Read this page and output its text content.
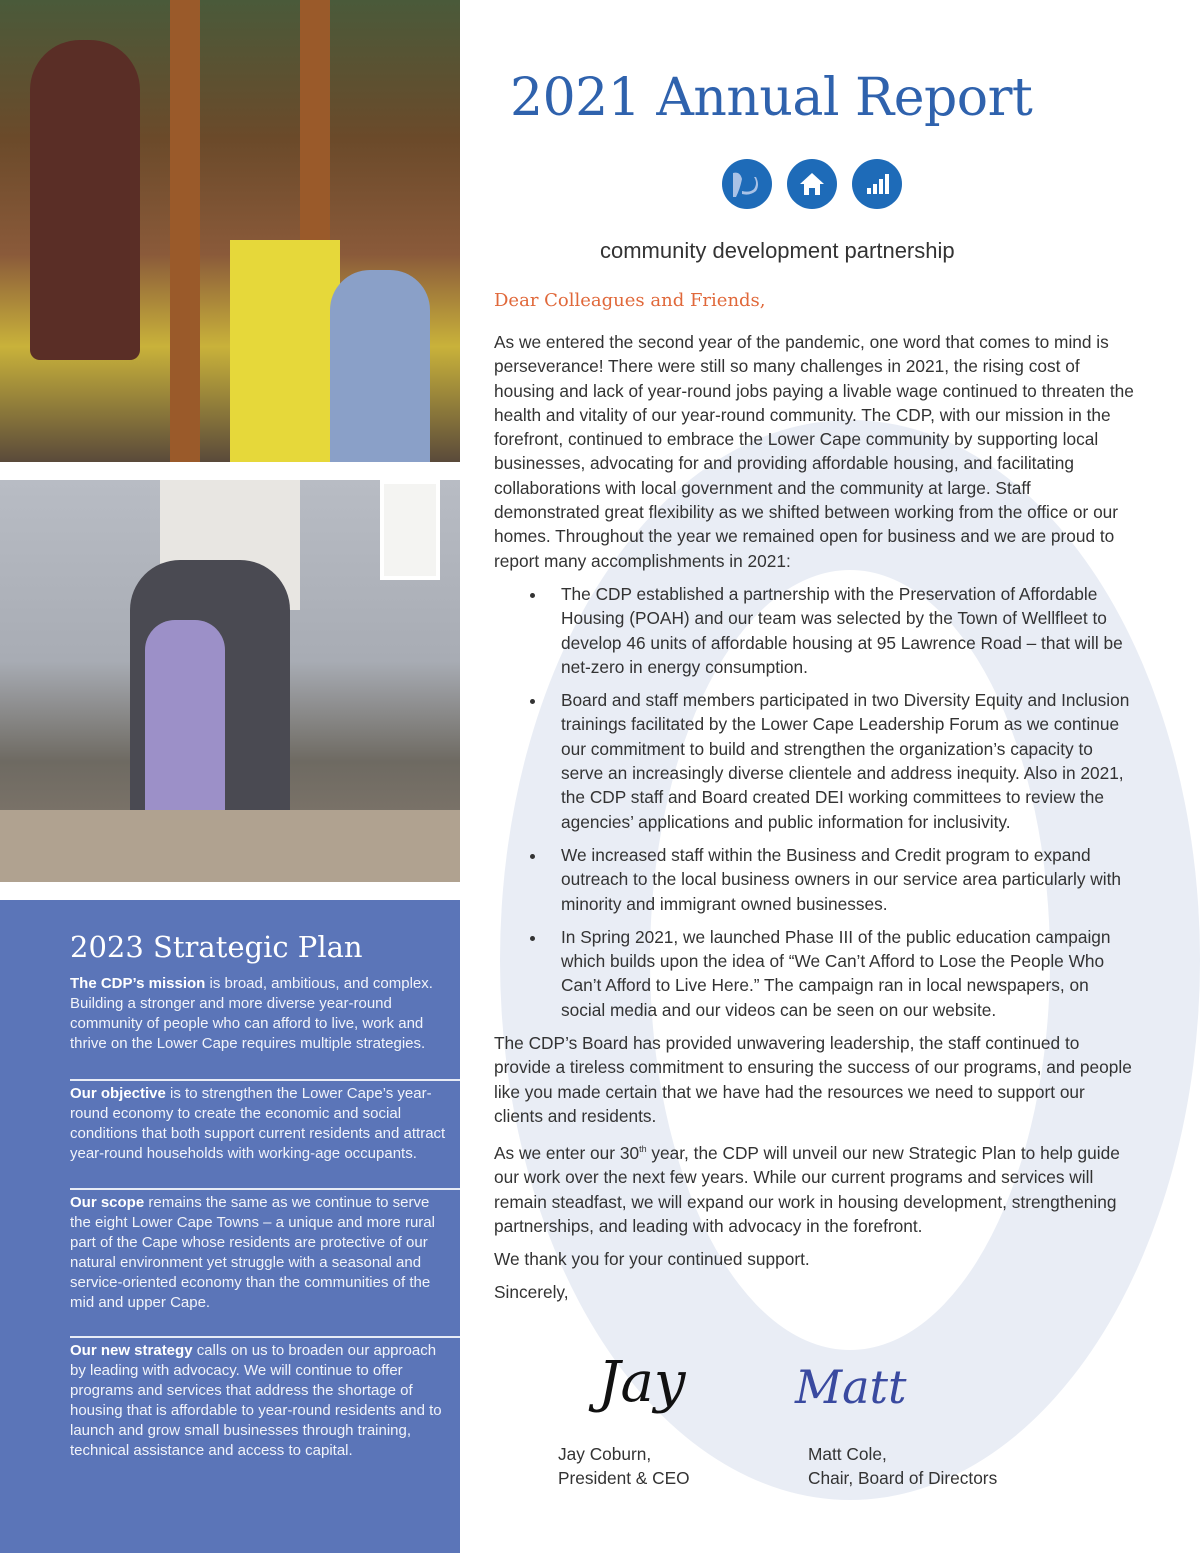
2023 Strategic Plan
The CDP’s mission is broad, ambitious, and complex. Building a stronger and more diverse year-round community of people who can afford to live, work and thrive on the Lower Cape requires multiple strategies.
Our objective is to strengthen the Lower Cape’s year-round economy to create the economic and social conditions that both support current residents and attract year-round households with working-age occupants.
Our scope remains the same as we continue to serve the eight Lower Cape Towns – a unique and more rural part of the Cape whose residents are protective of our natural environment yet struggle with a seasonal and service-oriented economy than the communities of the mid and upper Cape.
Our new strategy calls on us to broaden our approach by leading with advocacy. We will continue to offer programs and services that address the shortage of housing that is affordable to year-round residents and to launch and grow small businesses through training, technical assistance and access to capital.
2021 Annual Report
community development partnership
Dear Colleagues and Friends,

As we entered the second year of the pandemic, one word that comes to mind is perseverance! There were still so many challenges in 2021, the rising cost of housing and lack of year-round jobs paying a livable wage continued to threaten the health and vitality of our year-round community. The CDP, with our mission in the forefront, continued to embrace the Lower Cape community by supporting local businesses, advocating for and providing affordable housing, and facilitating collaborations with local government and the community at large. Staff demonstrated great flexibility as we shifted between working from the office or our homes. Throughout the year we remained open for business and we are proud to report many accomplishments in 2021:

• The CDP established a partnership with the Preservation of Affordable Housing (POAH) and our team was selected by the Town of Wellfleet to develop 46 units of affordable housing at 95 Lawrence Road – that will be net-zero in energy consumption.
• Board and staff members participated in two Diversity Equity and Inclusion trainings facilitated by the Lower Cape Leadership Forum as we continue our commitment to build and strengthen the organization’s capacity to serve an increasingly diverse clientele and address inequity. Also in 2021, the CDP staff and Board created DEI working committees to review the agencies’ applications and public information for inclusivity.
• We increased staff within the Business and Credit program to expand outreach to the local business owners in our service area particularly with minority and immigrant owned businesses.
• In Spring 2021, we launched Phase III of the public education campaign which builds upon the idea of “We Can’t Afford to Lose the People Who Can’t Afford to Live Here.” The campaign ran in local newspapers, on social media and our videos can be seen on our website.

The CDP’s Board has provided unwavering leadership, the staff continued to provide a tireless commitment to ensuring the success of our programs, and people like you made certain that we have had the resources we need to support our clients and residents.

As we enter our 30th year, the CDP will unveil our new Strategic Plan to help guide our work over the next few years. While our current programs and services will remain steadfast, we will expand our work in housing development, strengthening partnerships, and leading with advocacy in the forefront.

We thank you for your continued support.

Sincerely,

Jay Matt
Jay Coburn,
President & CEO
Matt Cole,
Chair, Board of Directors
